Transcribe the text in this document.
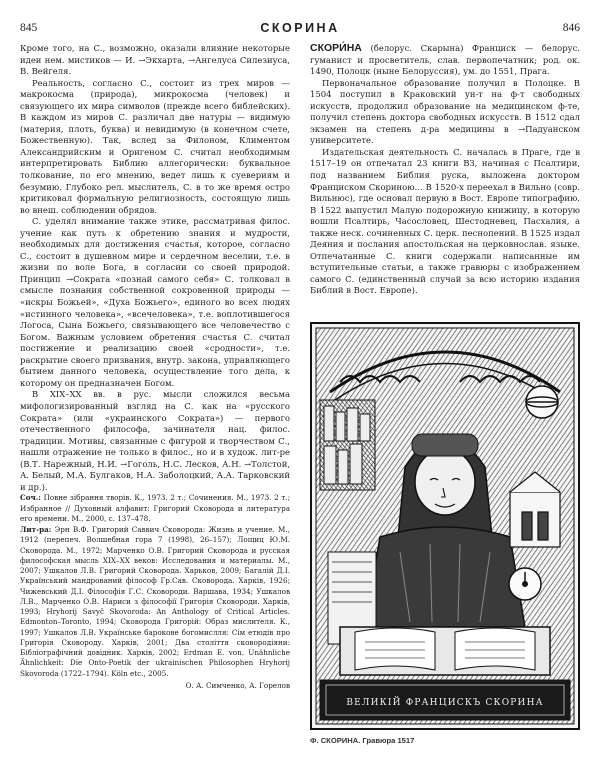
845	СКОРИНА	846

Кроме того, на С., возможно, оказали влияние некоторые идеи нем. мистиков — И. →Экхарта, →Ангелуса Силезиуса, В. Вейгеля.

Реальность, согласно С., состоит из трех миров — макрокосма (природа), микрокосма (человек) и связующего их мира символов (прежде всего библейских). В каждом из миров С. различал две натуры — видимую (материя, плоть, буква) и невидимую (в конечном счете, Божественную). Так, вслед за Филоном, Климентом Александрийским и Оригеном С. считал необходимым интерпретировать Библию аллегорически: буквальное толкование, по его мнению, ведет лишь к суевериям и безумию. Глубоко рел. мыслитель, С. в то же время остро критиковал формальную религиозность, состоящую лишь во внеш. соблюдении обрядов.

С. уделял внимание также этике, рассматривая филос. учение как путь к обретению знания и мудрости, необходимых для достижения счастья, которое, согласно С., состоит в душевном мире и сердечном веселии, т.е. в жизни по воле Бога, в согласии со своей природой. Принцип →Сократа «познай самого себя» С. толковал в смысле познания собственной сокровенной природы — «искры Божьей», «Духа Божьего», единого во всех людях «истинного человека», «всечеловека», т.е. воплотившегося Логоса, Сына Божьего, связывающего все человечество с Богом. Важным условием обретения счастья С. считал постижение и реализацию своей «сродности», т.е. раскрытие своего призвания, внутр. закона, управляющего бытием данного человека, осуществление того дела, к которому он предназначен Богом.

В XIX–XX вв. в рус. мысли сложился весьма мифологизированный взгляд на С. как на «русского Сократа» (или «украинского Сократа») — первого отечественного философа, зачинателя нац. филос. традиции. Мотивы, связанные с фигурой и творчеством С., нашли отражение не только в филос., но и в худож. лит-ре (В.Т. Нарежный, Н.И. →Гоголь, Н.С. Лесков, А.Н. →Толстой, А. Белый, М.А. Булгаков, Н.А. Заболоцкий, А.А. Тарковский и др.).

Соч.: Повне зібрання творів. К., 1973. 2 т.; Сочинения. М., 1973. 2 т.; Избранное // Духовный алфавит: Григорий Сковорода и литература его времени. М., 2000, с. 137–478.

Лит-ра: Эрн В.Ф. Григорий Саввич Сковорода: Жизнь и учение. М., 1912 (перепеч. Волшебная гора 7 (1998), 26–157); Лощиц Ю.М. Сковорода. М., 1972; Марченко О.В. Григорий Сковорода и русская философская мысль XIX–XX веков: Исследования и материалы. М., 2007; Ушкалов Л.В. Григорий Сковорода. Харьков, 2009; Багалій Д.І. Український мандрований філософ Гр.Сав. Сковорода. Харків, 1926; Чижевський Д.І. Філософія Г.С. Сковороди. Варшава, 1934; Ушкалов Л.В., Марченко О.В. Нариси з філософії Григорія Сковороди. Харків, 1993; Hryhorij Savyč Skovoroda: An Anthology of Critical Articles. Edmonton–Toronto, 1994; Сковорода Григорій: Образ мислителя. К., 1997; Ушкалов Л.В. Українське барокове богомислля: Сім етюдів про Григорія Сковороду. Харків, 2001; Два століття сковородіяни: Бібліографічний довідник. Харків, 2002; Erdman E. von. Unähnliche Ähnlichkeit: Die Onto-Poetik der ukrainischen Philosophen Hryhorij Skovoroda (1722–1794). Köln etc., 2005.

О. А. Симченко, А. Горелов

СКОРИ́НА (белорус. Скарына) Франциск — белорус. гуманист и просветитель, слав. первопечатник; род. ок. 1490, Полоцк (ныне Белоруссия), ум. до 1551, Прага.

Первоначальное образование получил в Полоцке. В 1504 поступил в Краковский ун-т на ф-т свободных искусств, продолжил образование на медицинском ф-те, получил степень доктора свободных искусств. В 1512 сдал экзамен на степень д-ра медицины в →Падуанском университете.

Издательская деятельность С. началась в Праге, где в 1517–19 он отпечатал 23 книги ВЗ, начиная с Псалтири, под названием Библия руска, выложена доктором Франциском Скориною... В 1520-х переехал в Вильно (совр. Вильнюс), где основал первую в Вост. Европе типографию. В 1522 выпустил Малую подорожную книжицу, в которую вошли Псалтирь, Часословец, Шестодневец, Пасхалия, а также неск. сочиненных С. церк. песнопений. В 1525 издал Деяния и послания апостольская на церковнослав. языке. Отпечатанные С. книги содержали написанные им вступительные статьи, а также гравюры с изображением самого С. (единственный случай за всю историю издания Библий в Вост. Европе).

ВЕЛИКІЙ ФРАНЦИСКЪ СКОРИНА
Ф. СКОРИНА. Гравюра 1517
